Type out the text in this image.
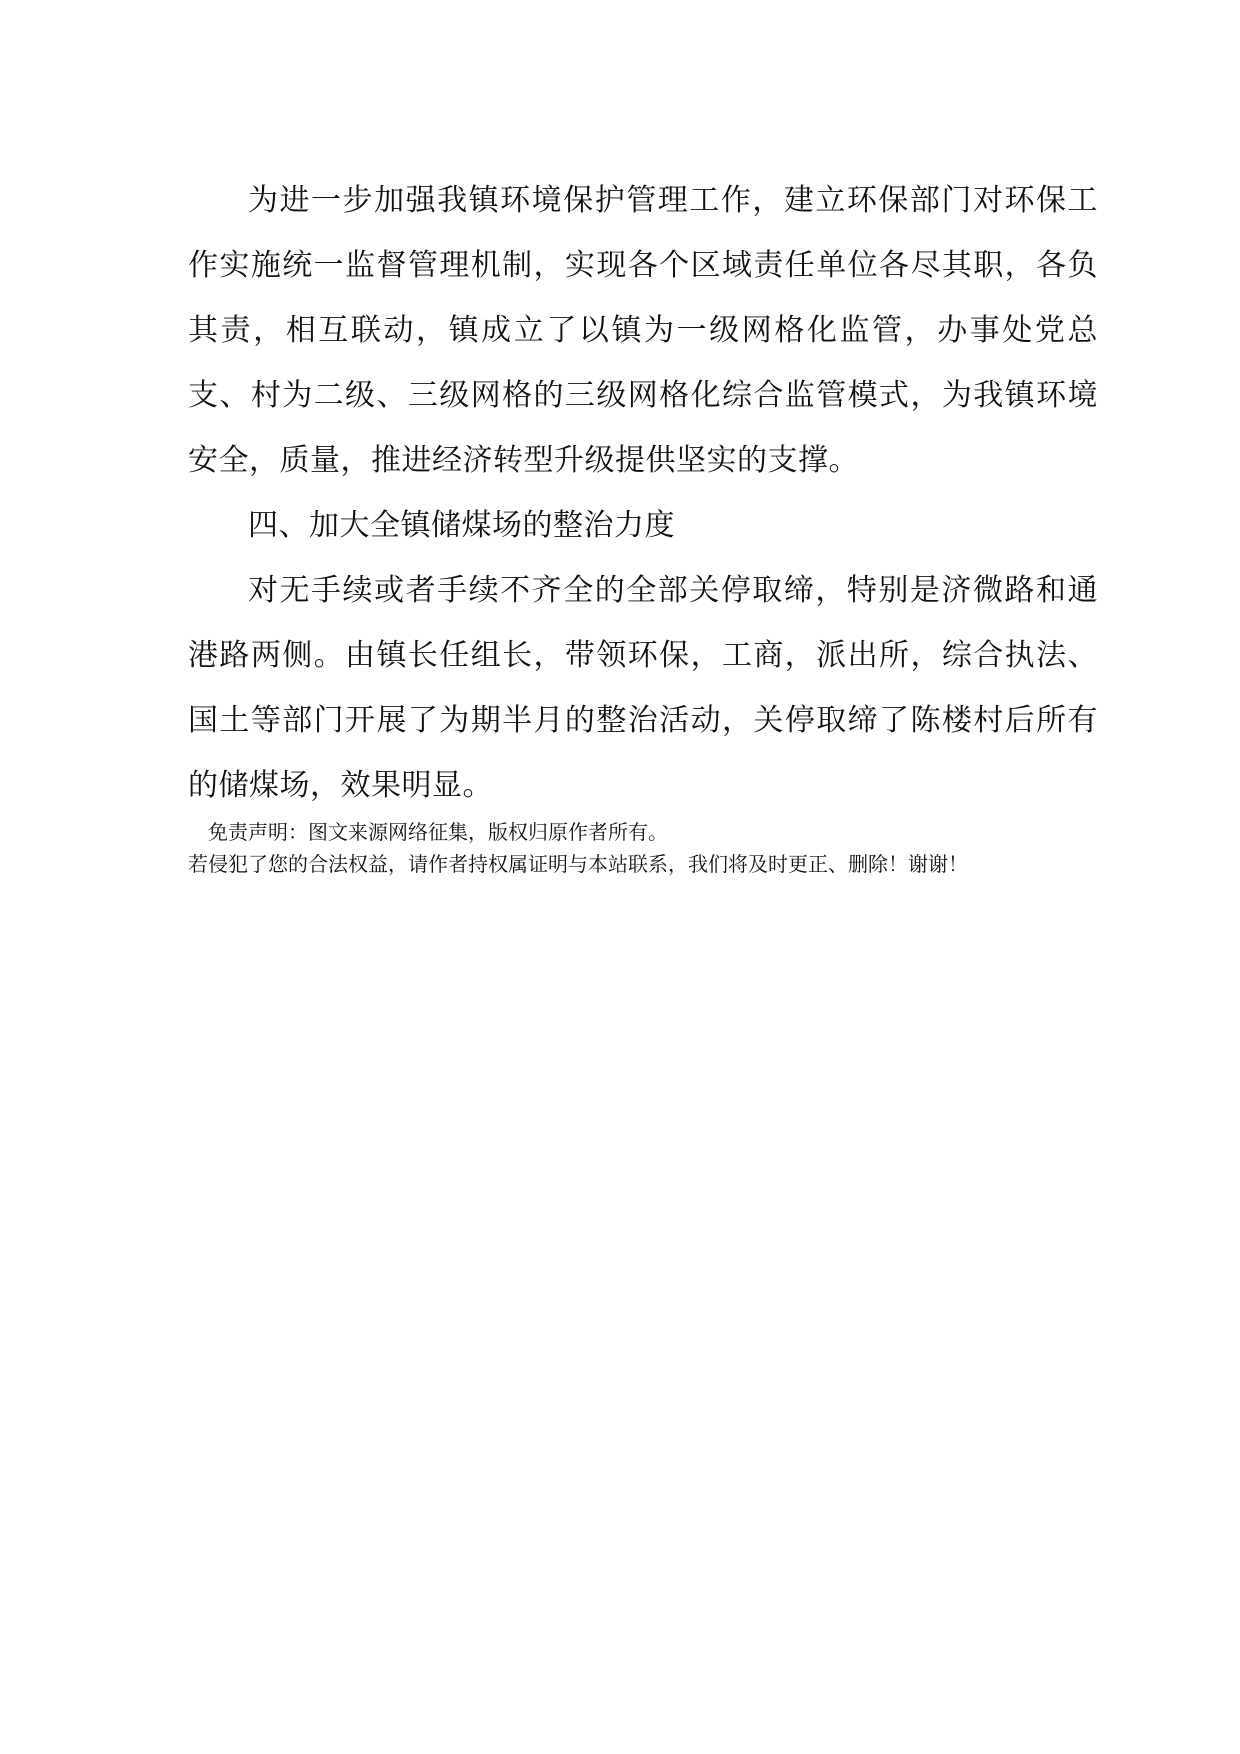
为进一步加强我镇环境保护管理工作，建立环保部门对环保工作实施统一监督管理机制，实现各个区域责任单位各尽其职，各负其责，相互联动，镇成立了以镇为一级网格化监管，办事处党总支、村为二级、三级网格的三级网格化综合监管模式，为我镇环境安全，质量，推进经济转型升级提供坚实的支撑。

四、加大全镇储煤场的整治力度

对无手续或者手续不齐全的全部关停取缔，特别是济微路和通港路两侧。由镇长任组长，带领环保，工商，派出所，综合执法、国土等部门开展了为期半月的整治活动，关停取缔了陈楼村后所有的储煤场，效果明显。

免责声明：图文来源网络征集，版权归原作者所有。

若侵犯了您的合法权益，请作者持权属证明与本站联系，我们将及时更正、删除！谢谢！
